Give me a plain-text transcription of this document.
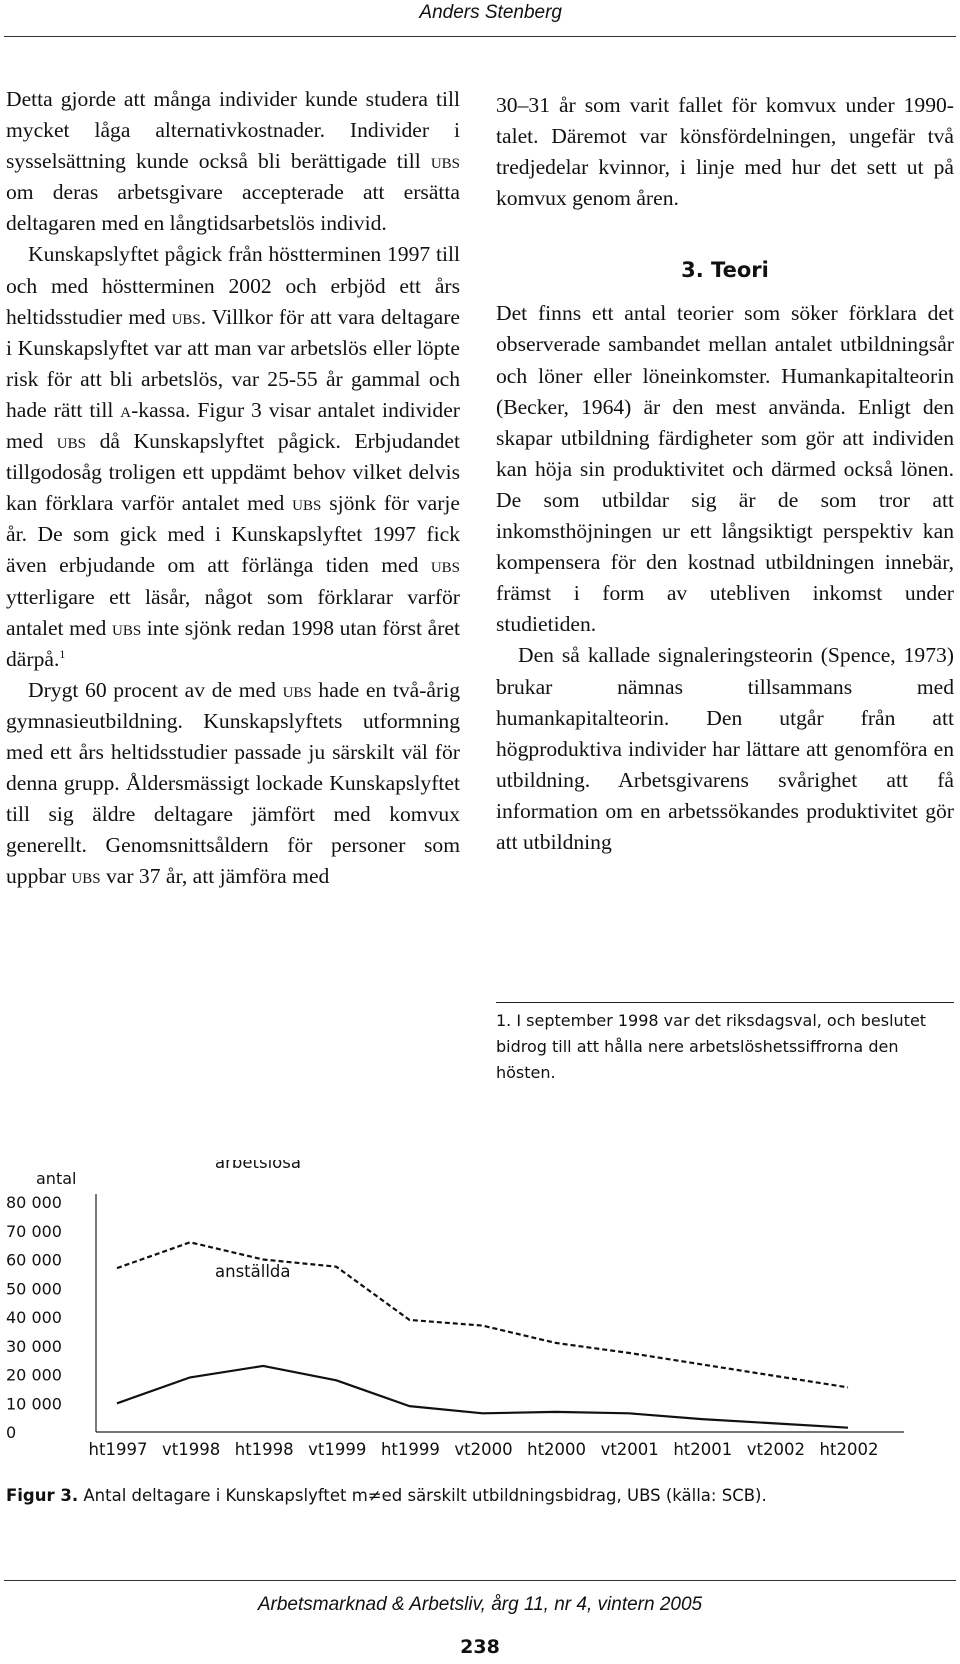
Anders Stenberg

Detta gjorde att många individer kunde studera till mycket låga alternativkostnader. Individer i sysselsättning kunde också bli berättigade till ubs om deras arbetsgivare accepterade att ersätta deltagaren med en långtidsarbetslös individ.

Kunskapslyftet pågick från höstterminen 1997 till och med höstterminen 2002 och erbjöd ett års heltidsstudier med ubs. Villkor för att vara deltagare i Kunskapslyftet var att man var arbetslös eller löpte risk för att bli arbetslös, var 25-55 år gammal och hade rätt till a-kassa. Figur 3 visar antalet individer med ubs då Kunskapslyftet pågick. Erbjudandet tillgodosåg troligen ett uppdämt behov vilket delvis kan förklara varför antalet med ubs sjönk för varje år. De som gick med i Kunskapslyftet 1997 fick även erbjudande om att förlänga tiden med ubs ytterligare ett läsår, något som förklarar varför antalet med ubs inte sjönk redan 1998 utan först året därpå.$^1$

Drygt 60 procent av de med ubs hade en två-årig gymnasieutbildning. Kunskapslyftets utformning med ett års heltidsstudier passade ju särskilt väl för denna grupp. Åldersmässigt lockade Kunskapslyftet till sig äldre deltagare jämfört med komvux generellt. Genomsnittsåldern för personer som uppbar ubs var 37 år, att jämföra med

30–31 år som varit fallet för komvux under 1990-talet. Däremot var könsfördelningen, ungefär två tredjedelar kvinnor, i linje med hur det sett ut på komvux genom åren.

3. Teori

Det finns ett antal teorier som söker förklara det observerade sambandet mellan antalet utbildningsår och löner eller löneinkomster. Humankapitalteorin (Becker, 1964) är den mest använda. Enligt den skapar utbildning färdigheter som gör att individen kan höja sin produktivitet och därmed också lönen. De som utbildar sig är de som tror att inkomsthöjningen ur ett långsiktigt perspektiv kan kompensera för den kostnad utbildningen innebär, främst i form av utebliven inkomst under studietiden.

Den så kallade signaleringsteorin (Spence, 1973) brukar nämnas tillsammans med humankapitalteorin. Den utgår från att högproduktiva individer har lättare att genomföra en utbildning. Arbetsgivarens svårighet att få information om en arbetssökandes produktivitet gör att utbildning

1. I september 1998 var det riksdagsval, och beslutet bidrog till att hålla nere arbetslöshetssiffrorna den hösten.
antal
0
10 000
20 000
30 000
40 000
50 000
60 000
70 000
80 000
ht1997 vt1998 ht1998 vt1999 ht1999 vt2000 ht2000 vt2001 ht2001 vt2002 ht2002
arbetslösa
anställda
Figur 3. Antal deltagare i Kunskapslyftet m≠ed särskilt utbildningsbidrag, UBS (källa: SCB).
Arbetsmarknad & Arbetsliv, årg 11, nr 4, vintern 2005
238
